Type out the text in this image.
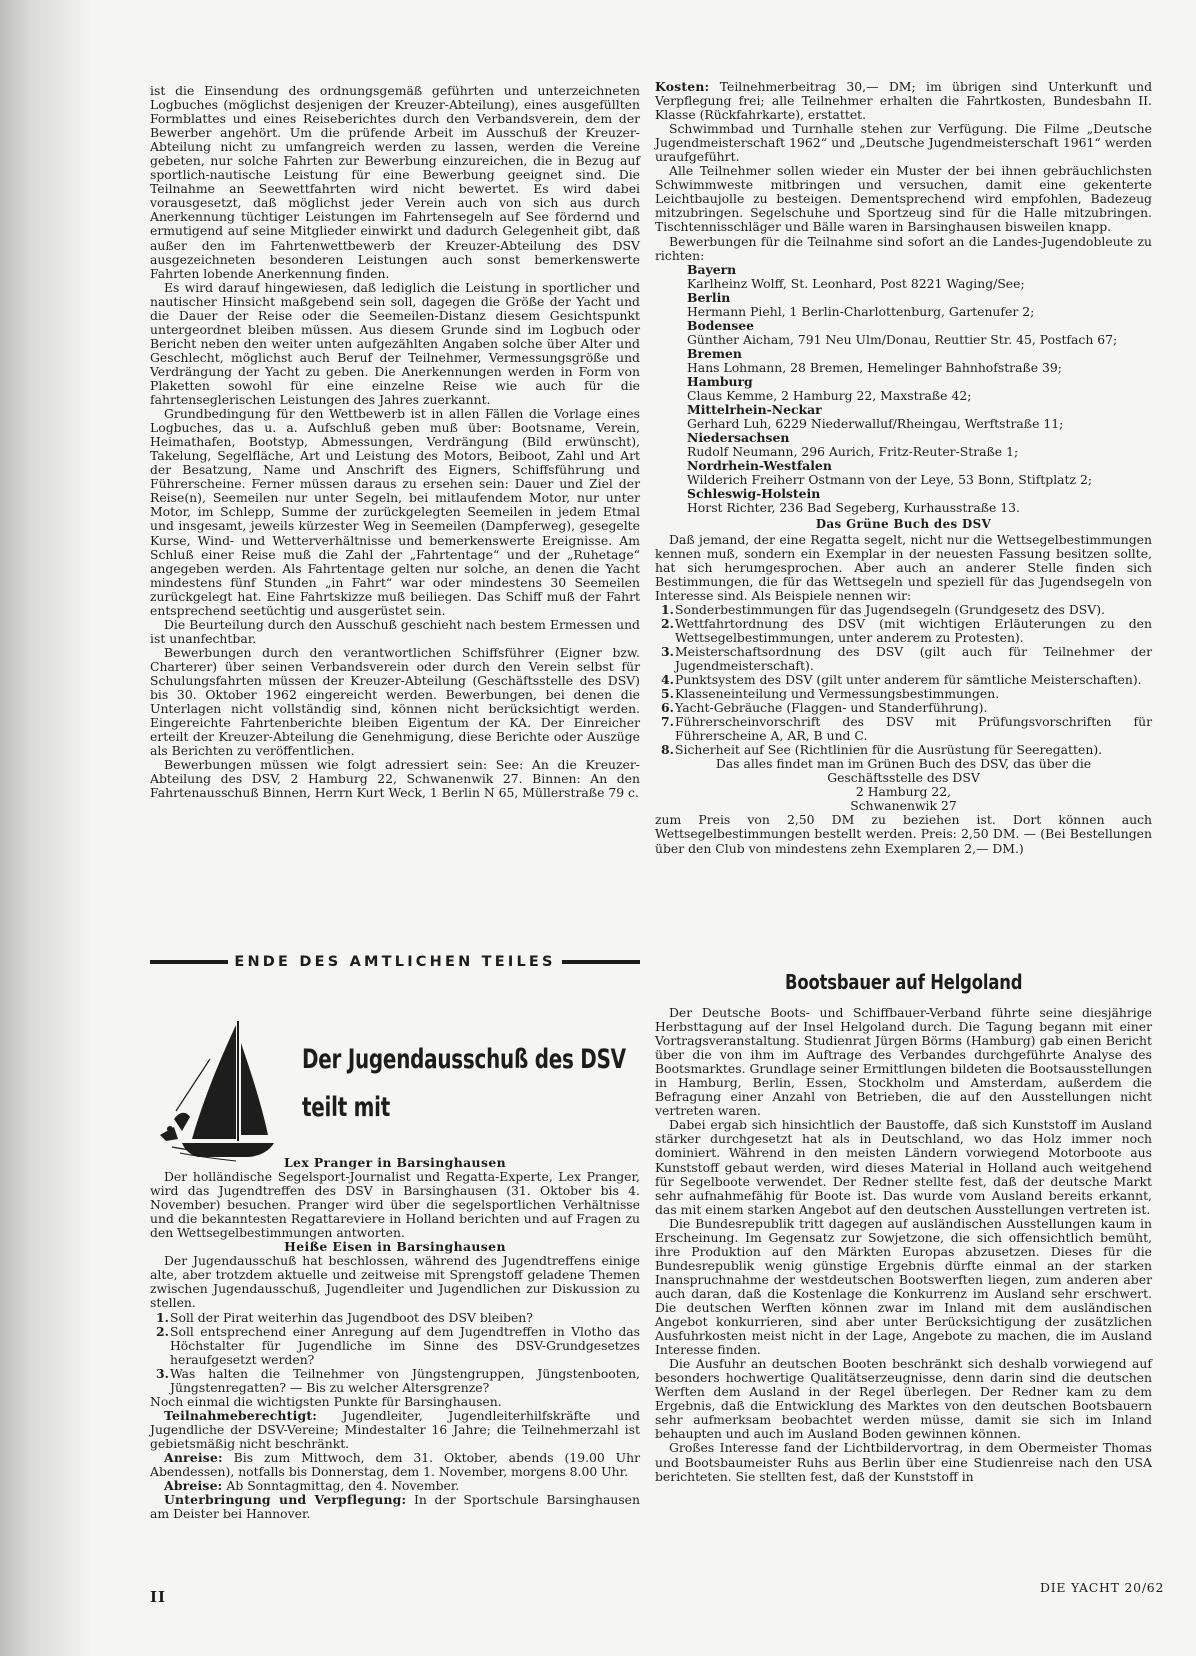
ist die Einsendung des ordnungsgemäß geführten und unterzeichneten Logbuches (möglichst desjenigen der Kreuzer-Abteilung), eines ausgefüllten Formblattes und eines Reiseberichtes durch den Verbandsverein, dem der Bewerber angehört. Um die prüfende Arbeit im Ausschuß der Kreuzer-Abteilung nicht zu umfangreich werden zu lassen, werden die Vereine gebeten, nur solche Fahrten zur Bewerbung einzureichen, die in Bezug auf sportlich-nautische Leistung für eine Bewerbung geeignet sind. Die Teilnahme an Seewettfahrten wird nicht bewertet. Es wird dabei vorausgesetzt, daß möglichst jeder Verein auch von sich aus durch Anerkennung tüchtiger Leistungen im Fahrtensegeln auf See fördernd und ermutigend auf seine Mitglieder einwirkt und dadurch Gelegenheit gibt, daß außer den im Fahrtenwettbewerb der Kreuzer-Abteilung des DSV ausgezeichneten besonderen Leistungen auch sonst bemerkenswerte Fahrten lobende Anerkennung finden.

Es wird darauf hingewiesen, daß lediglich die Leistung in sportlicher und nautischer Hinsicht maßgebend sein soll, dagegen die Größe der Yacht und die Dauer der Reise oder die Seemeilen-Distanz diesem Gesichtspunkt untergeordnet bleiben müssen. Aus diesem Grunde sind im Logbuch oder Bericht neben den weiter unten aufgezählten Angaben solche über Alter und Geschlecht, möglichst auch Beruf der Teilnehmer, Vermessungsgröße und Verdrängung der Yacht zu geben. Die Anerkennungen werden in Form von Plaketten sowohl für eine einzelne Reise wie auch für die fahrtenseglerischen Leistungen des Jahres zuerkannt.

Grundbedingung für den Wettbewerb ist in allen Fällen die Vorlage eines Logbuches, das u. a. Aufschluß geben muß über: Bootsname, Verein, Heimathafen, Bootstyp, Abmessungen, Verdrängung (Bild erwünscht), Takelung, Segelfläche, Art und Leistung des Motors, Beiboot, Zahl und Art der Besatzung, Name und Anschrift des Eigners, Schiffsführung und Führerscheine. Ferner müssen daraus zu ersehen sein: Dauer und Ziel der Reise(n), Seemeilen nur unter Segeln, bei mitlaufendem Motor, nur unter Motor, im Schlepp, Summe der zurückgelegten Seemeilen in jedem Etmal und insgesamt, jeweils kürzester Weg in Seemeilen (Dampferweg), gesegelte Kurse, Wind- und Wetterverhältnisse und bemerkenswerte Ereignisse. Am Schluß einer Reise muß die Zahl der „Fahrtentage“ und der „Ruhetage“ angegeben werden. Als Fahrtentage gelten nur solche, an denen die Yacht mindestens fünf Stunden „in Fahrt“ war oder mindestens 30 Seemeilen zurückgelegt hat. Eine Fahrtskizze muß beiliegen. Das Schiff muß der Fahrt entsprechend seetüchtig und ausgerüstet sein.

Die Beurteilung durch den Ausschuß geschieht nach bestem Ermessen und ist unanfechtbar.

Bewerbungen durch den verantwortlichen Schiffsführer (Eigner bzw. Charterer) über seinen Verbandsverein oder durch den Verein selbst für Schulungsfahrten müssen der Kreuzer-Abteilung (Geschäftsstelle des DSV) bis 30. Oktober 1962 eingereicht werden. Bewerbungen, bei denen die Unterlagen nicht vollständig sind, können nicht berücksichtigt werden. Eingereichte Fahrtenberichte bleiben Eigentum der KA. Der Einreicher erteilt der Kreuzer-Abteilung die Genehmigung, diese Berichte oder Auszüge als Berichten zu veröffentlichen.

Bewerbungen müssen wie folgt adressiert sein: See: An die Kreuzer-Abteilung des DSV, 2 Hamburg 22, Schwanenwik 27. Binnen: An den Fahrtenausschuß Binnen, Herrn Kurt Weck, 1 Berlin N 65, Müllerstraße 79 c.

ENDE DES AMTLICHEN TEILES
Der Jugendausschuß des DSV
teilt mit
Lex Pranger in Barsinghausen

Der holländische Segelsport-Journalist und Regatta-Experte, Lex Pranger, wird das Jugendtreffen des DSV in Barsinghausen (31. Oktober bis 4. November) besuchen. Pranger wird über die segelsportlichen Verhältnisse und die bekanntesten Regattareviere in Holland berichten und auf Fragen zu den Wettsegelbestimmungen antworten.

Heiße Eisen in Barsinghausen

Der Jugendausschuß hat beschlossen, während des Jugendtreffens einige alte, aber trotzdem aktuelle und zeitweise mit Sprengstoff geladene Themen zwischen Jugendausschuß, Jugendleiter und Jugendlichen zur Diskussion zu stellen.

1. Soll der Pirat weiterhin das Jugendboot des DSV bleiben?
2. Soll entsprechend einer Anregung auf dem Jugendtreffen in Vlotho das Höchstalter für Jugendliche im Sinne des DSV-Grundgesetzes heraufgesetzt werden?
3. Was halten die Teilnehmer von Jüngstengruppen, Jüngstenbooten, Jüngstenregatten? — Bis zu welcher Altersgrenze?

Noch einmal die wichtigsten Punkte für Barsinghausen.

Teilnahmeberechtigt: Jugendleiter, Jugendleiterhilfskräfte und Jugendliche der DSV-Vereine; Mindestalter 16 Jahre; die Teilnehmerzahl ist gebietsmäßig nicht beschränkt.

Anreise: Bis zum Mittwoch, dem 31. Oktober, abends (19.00 Uhr Abendessen), notfalls bis Donnerstag, dem 1. November, morgens 8.00 Uhr.

Abreise: Ab Sonntagmittag, den 4. November.

Unterbringung und Verpflegung: In der Sportschule Barsinghausen am Deister bei Hannover.

Kosten: Teilnehmerbeitrag 30,— DM; im übrigen sind Unterkunft und Verpflegung frei; alle Teilnehmer erhalten die Fahrtkosten, Bundesbahn II. Klasse (Rückfahrkarte), erstattet.

Schwimmbad und Turnhalle stehen zur Verfügung. Die Filme „Deutsche Jugendmeisterschaft 1962“ und „Deutsche Jugendmeisterschaft 1961“ werden uraufgeführt.

Alle Teilnehmer sollen wieder ein Muster der bei ihnen gebräuchlichsten Schwimmweste mitbringen und versuchen, damit eine gekenterte Leichtbaujolle zu besteigen. Dementsprechend wird empfohlen, Badezeug mitzubringen. Segelschuhe und Sportzeug sind für die Halle mitzubringen. Tischtennisschläger und Bälle waren in Barsinghausen bisweilen knapp.

Bewerbungen für die Teilnahme sind sofort an die Landes-Jugendobleute zu richten:

Bayern
Karlheinz Wolff, St. Leonhard, Post 8221 Waging/See;
Berlin
Hermann Piehl, 1 Berlin-Charlottenburg, Gartenufer 2;
Bodensee
Günther Aicham, 791 Neu Ulm/Donau, Reuttier Str. 45, Postfach 67;
Bremen
Hans Lohmann, 28 Bremen, Hemelinger Bahnhofstraße 39;
Hamburg
Claus Kemme, 2 Hamburg 22, Maxstraße 42;
Mittelrhein-Neckar
Gerhard Luh, 6229 Niederwalluf/Rheingau, Werftstraße 11;
Niedersachsen
Rudolf Neumann, 296 Aurich, Fritz-Reuter-Straße 1;
Nordrhein-Westfalen
Wilderich Freiherr Ostmann von der Leye, 53 Bonn, Stiftplatz 2;
Schleswig-Holstein
Horst Richter, 236 Bad Segeberg, Kurhausstraße 13.
Das Grüne Buch des DSV

Daß jemand, der eine Regatta segelt, nicht nur die Wettsegelbestimmungen kennen muß, sondern ein Exemplar in der neuesten Fassung besitzen sollte, hat sich herumgesprochen. Aber auch an anderer Stelle finden sich Bestimmungen, die für das Wettsegeln und speziell für das Jugendsegeln von Interesse sind. Als Beispiele nennen wir:

1. Sonderbestimmungen für das Jugendsegeln (Grundgesetz des DSV).
2. Wettfahrtordnung des DSV (mit wichtigen Erläuterungen zu den Wettsegelbestimmungen, unter anderem zu Protesten).
3. Meisterschaftsordnung des DSV (gilt auch für Teilnehmer der Jugendmeisterschaft).
4. Punktsystem des DSV (gilt unter anderem für sämtliche Meisterschaften).
5. Klasseneinteilung und Vermessungsbestimmungen.
6. Yacht-Gebräuche (Flaggen- und Standerführung).
7. Führerscheinvorschrift des DSV mit Prüfungsvorschriften für Führerscheine A, AR, B und C.
8. Sicherheit auf See (Richtlinien für die Ausrüstung für Seeregatten).

Das alles findet man im Grünen Buch des DSV, das über die

Geschäftsstelle des DSV

2 Hamburg 22,

Schwanenwik 27

zum Preis von 2,50 DM zu beziehen ist. Dort können auch Wettsegelbestimmungen bestellt werden. Preis: 2,50 DM. — (Bei Bestellungen über den Club von mindestens zehn Exemplaren 2,— DM.)

Bootsbauer auf Helgoland

Der Deutsche Boots- und Schiffbauer-Verband führte seine diesjährige Herbsttagung auf der Insel Helgoland durch. Die Tagung begann mit einer Vortragsveranstaltung. Studienrat Jürgen Börms (Hamburg) gab einen Bericht über die von ihm im Auftrage des Verbandes durchgeführte Analyse des Bootsmarktes. Grundlage seiner Ermittlungen bildeten die Bootsausstellungen in Hamburg, Berlin, Essen, Stockholm und Amsterdam, außerdem die Befragung einer Anzahl von Betrieben, die auf den Ausstellungen nicht vertreten waren.

Dabei ergab sich hinsichtlich der Baustoffe, daß sich Kunststoff im Ausland stärker durchgesetzt hat als in Deutschland, wo das Holz immer noch dominiert. Während in den meisten Ländern vorwiegend Motorboote aus Kunststoff gebaut werden, wird dieses Material in Holland auch weitgehend für Segelboote verwendet. Der Redner stellte fest, daß der deutsche Markt sehr aufnahmefähig für Boote ist. Das wurde vom Ausland bereits erkannt, das mit einem starken Angebot auf den deutschen Ausstellungen vertreten ist.

Die Bundesrepublik tritt dagegen auf ausländischen Ausstellungen kaum in Erscheinung. Im Gegensatz zur Sowjetzone, die sich offensichtlich bemüht, ihre Produktion auf den Märkten Europas abzusetzen. Dieses für die Bundesrepublik wenig günstige Ergebnis dürfte einmal an der starken Inanspruchnahme der westdeutschen Bootswerften liegen, zum anderen aber auch daran, daß die Kostenlage die Konkurrenz im Ausland sehr erschwert. Die deutschen Werften können zwar im Inland mit dem ausländischen Angebot konkurrieren, sind aber unter Berücksichtigung der zusätzlichen Ausfuhrkosten meist nicht in der Lage, Angebote zu machen, die im Ausland Interesse finden.

Die Ausfuhr an deutschen Booten beschränkt sich deshalb vorwiegend auf besonders hochwertige Qualitätserzeugnisse, denn darin sind die deutschen Werften dem Ausland in der Regel überlegen. Der Redner kam zu dem Ergebnis, daß die Entwicklung des Marktes von den deutschen Bootsbauern sehr aufmerksam beobachtet werden müsse, damit sie sich im Inland behaupten und auch im Ausland Boden gewinnen können.

Großes Interesse fand der Lichtbildervortrag, in dem Obermeister Thomas und Bootsbaumeister Ruhs aus Berlin über eine Studienreise nach den USA berichteten. Sie stellten fest, daß der Kunststoff in

II
DIE YACHT 20/62
